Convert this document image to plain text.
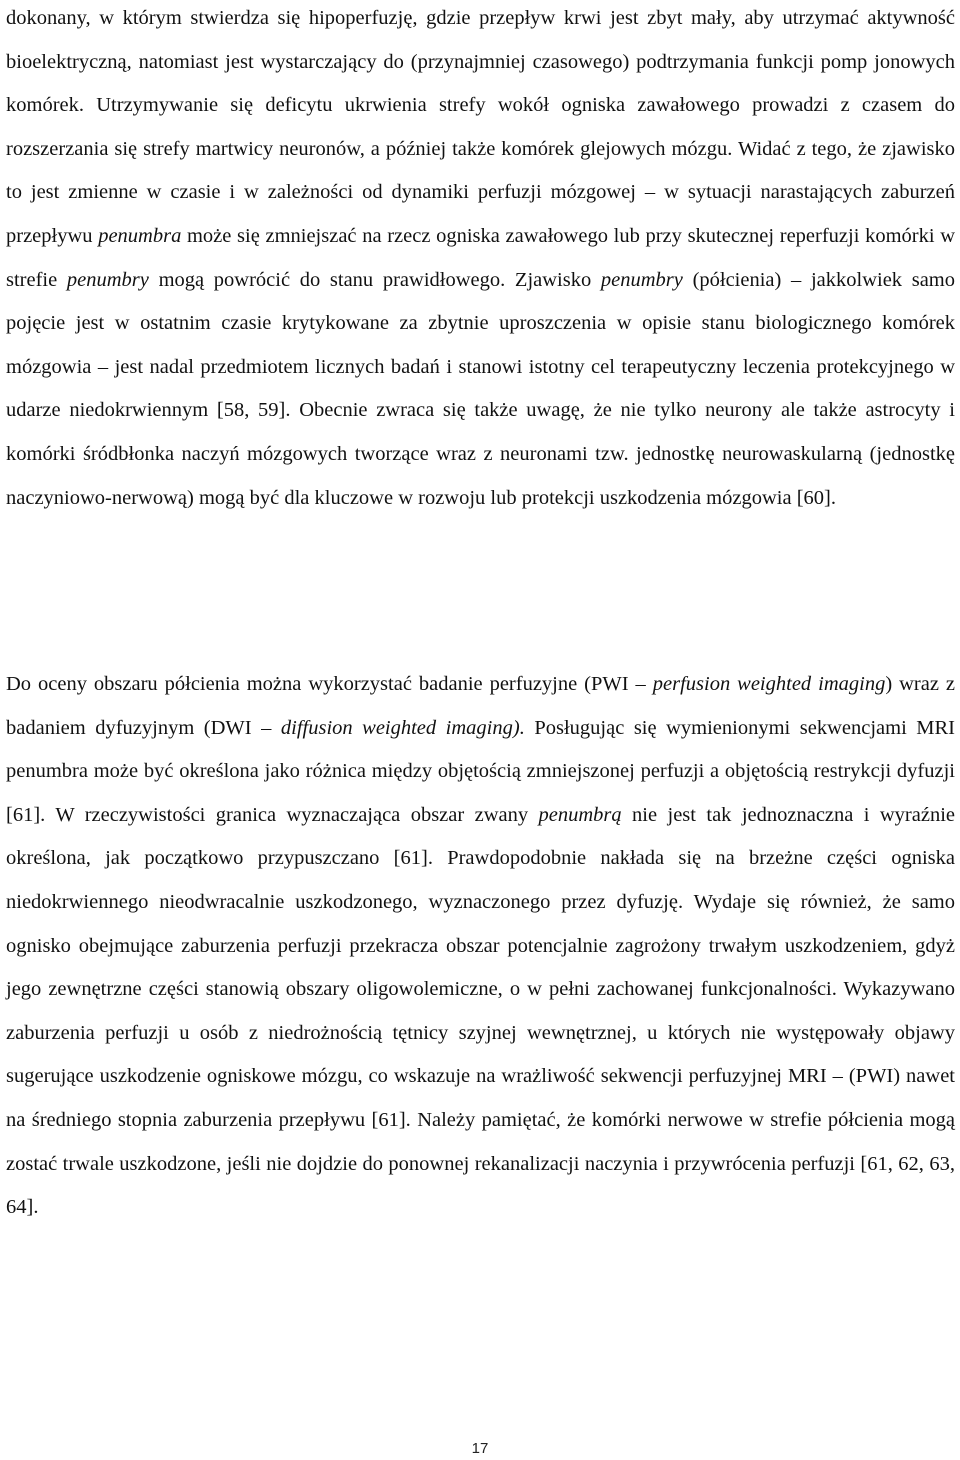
dokonany, w którym stwierdza się hipoperfuzję, gdzie przepływ krwi jest zbyt mały, aby utrzymać aktywność bioelektryczną, natomiast jest wystarczający do (przynajmniej czasowego) podtrzymania funkcji pomp jonowych komórek. Utrzymywanie się deficytu ukrwienia strefy wokół ogniska zawałowego prowadzi z czasem do rozszerzania się strefy martwicy neuronów, a później także komórek glejowych mózgu. Widać z tego, że zjawisko to jest zmienne w czasie i w zależności od dynamiki perfuzji mózgowej – w sytuacji narastających zaburzeń przepływu penumbra może się zmniejszać na rzecz ogniska zawałowego lub przy skutecznej reperfuzji komórki w strefie penumbry mogą powrócić do stanu prawidłowego. Zjawisko penumbry (półcienia) – jakkolwiek samo pojęcie jest w ostatnim czasie krytykowane za zbytnie uproszczenia w opisie stanu biologicznego komórek mózgowia – jest nadal przedmiotem licznych badań i stanowi istotny cel terapeutyczny leczenia protekcyjnego w udarze niedokrwiennym [58, 59]. Obecnie zwraca się także uwagę, że nie tylko neurony ale także astrocyty i komórki śródbłonka naczyń mózgowych tworzące wraz z neuronami tzw. jednostkę neurowaskularną (jednostkę naczyniowo-nerwową) mogą być dla kluczowe w rozwoju lub protekcji uszkodzenia mózgowia [60].

Do oceny obszaru półcienia można wykorzystać badanie perfuzyjne (PWI – perfusion weighted imaging) wraz z badaniem dyfuzyjnym (DWI – diffusion weighted imaging). Posługując się wymienionymi sekwencjami MRI penumbra może być określona jako różnica między objętością zmniejszonej perfuzji a objętością restrykcji dyfuzji [61]. W rzeczywistości granica wyznaczająca obszar zwany penumbrą nie jest tak jednoznaczna i wyraźnie określona, jak początkowo przypuszczano [61]. Prawdopodobnie nakłada się na brzeżne części ogniska niedokrwiennego nieodwracalnie uszkodzonego, wyznaczonego przez dyfuzję. Wydaje się również, że samo ognisko obejmujące zaburzenia perfuzji przekracza obszar potencjalnie zagrożony trwałym uszkodzeniem, gdyż jego zewnętrzne części stanowią obszary oligowolemiczne, o w pełni zachowanej funkcjonalności. Wykazywano zaburzenia perfuzji u osób z niedrożnością tętnicy szyjnej wewnętrznej, u których nie występowały objawy sugerujące uszkodzenie ogniskowe mózgu, co wskazuje na wrażliwość sekwencji perfuzyjnej MRI – (PWI) nawet na średniego stopnia zaburzenia przepływu [61]. Należy pamiętać, że komórki nerwowe w strefie półcienia mogą zostać trwale uszkodzone, jeśli nie dojdzie do ponownej rekanalizacji naczynia i przywrócenia perfuzji [61, 62, 63, 64].

17
